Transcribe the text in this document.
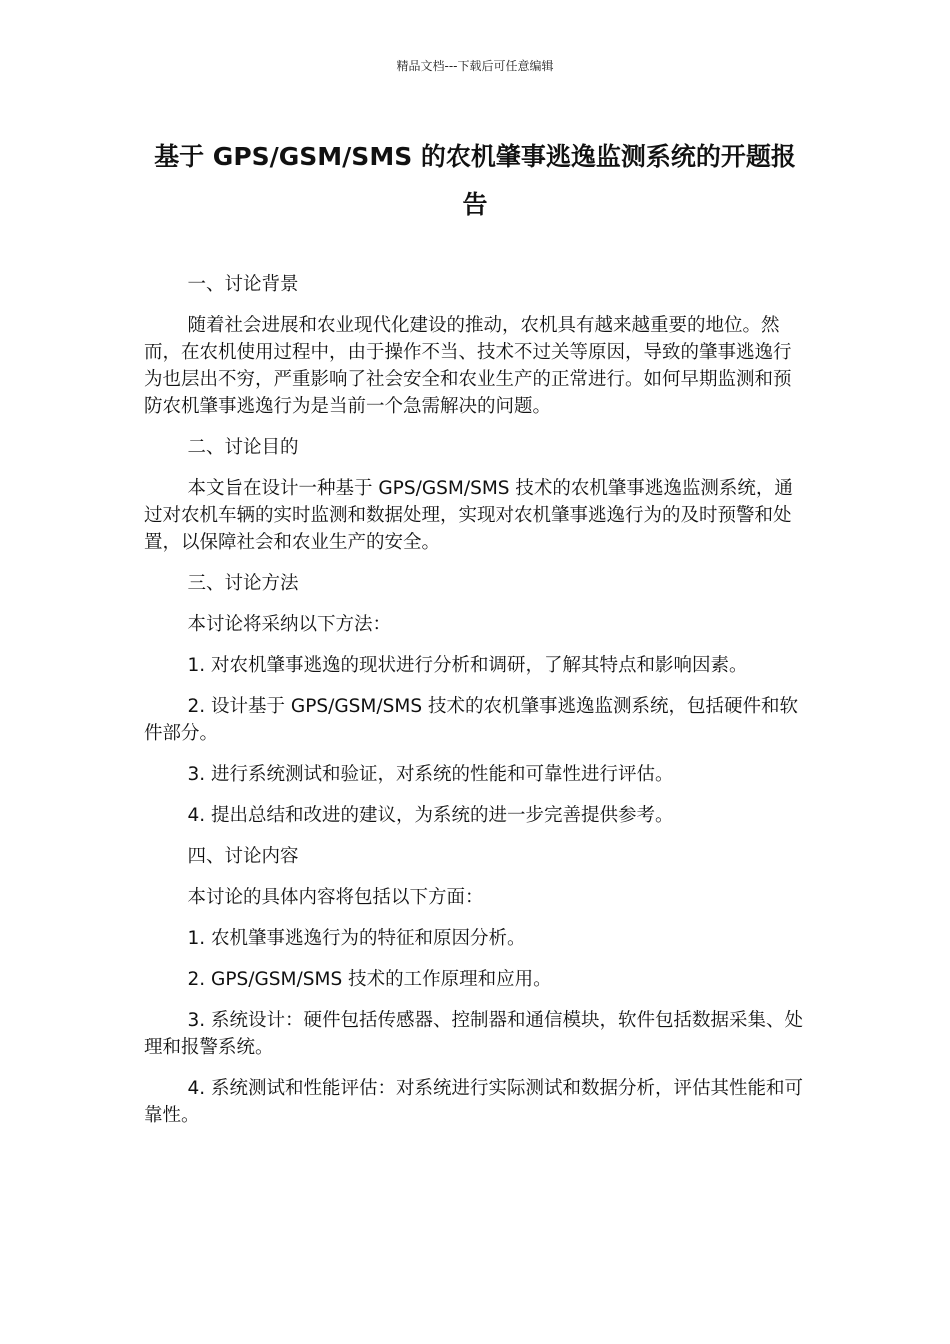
精品文档---下载后可任意编辑
基于 GPS/GSM/SMS 的农机肇事逃逸监测系统的开题报告

一、讨论背景

随着社会进展和农业现代化建设的推动，农机具有越来越重要的地位。然而，在农机使用过程中，由于操作不当、技术不过关等原因，导致的肇事逃逸行为也层出不穷，严重影响了社会安全和农业生产的正常进行。如何早期监测和预防农机肇事逃逸行为是当前一个急需解决的问题。

二、讨论目的

本文旨在设计一种基于 GPS/GSM/SMS 技术的农机肇事逃逸监测系统，通过对农机车辆的实时监测和数据处理，实现对农机肇事逃逸行为的及时预警和处置，以保障社会和农业生产的安全。

三、讨论方法

本讨论将采纳以下方法：

1. 对农机肇事逃逸的现状进行分析和调研，了解其特点和影响因素。

2. 设计基于 GPS/GSM/SMS 技术的农机肇事逃逸监测系统，包括硬件和软件部分。

3. 进行系统测试和验证，对系统的性能和可靠性进行评估。

4. 提出总结和改进的建议，为系统的进一步完善提供参考。

四、讨论内容

本讨论的具体内容将包括以下方面：

1. 农机肇事逃逸行为的特征和原因分析。

2. GPS/GSM/SMS 技术的工作原理和应用。

3. 系统设计：硬件包括传感器、控制器和通信模块，软件包括数据采集、处理和报警系统。

4. 系统测试和性能评估：对系统进行实际测试和数据分析，评估其性能和可靠性。
